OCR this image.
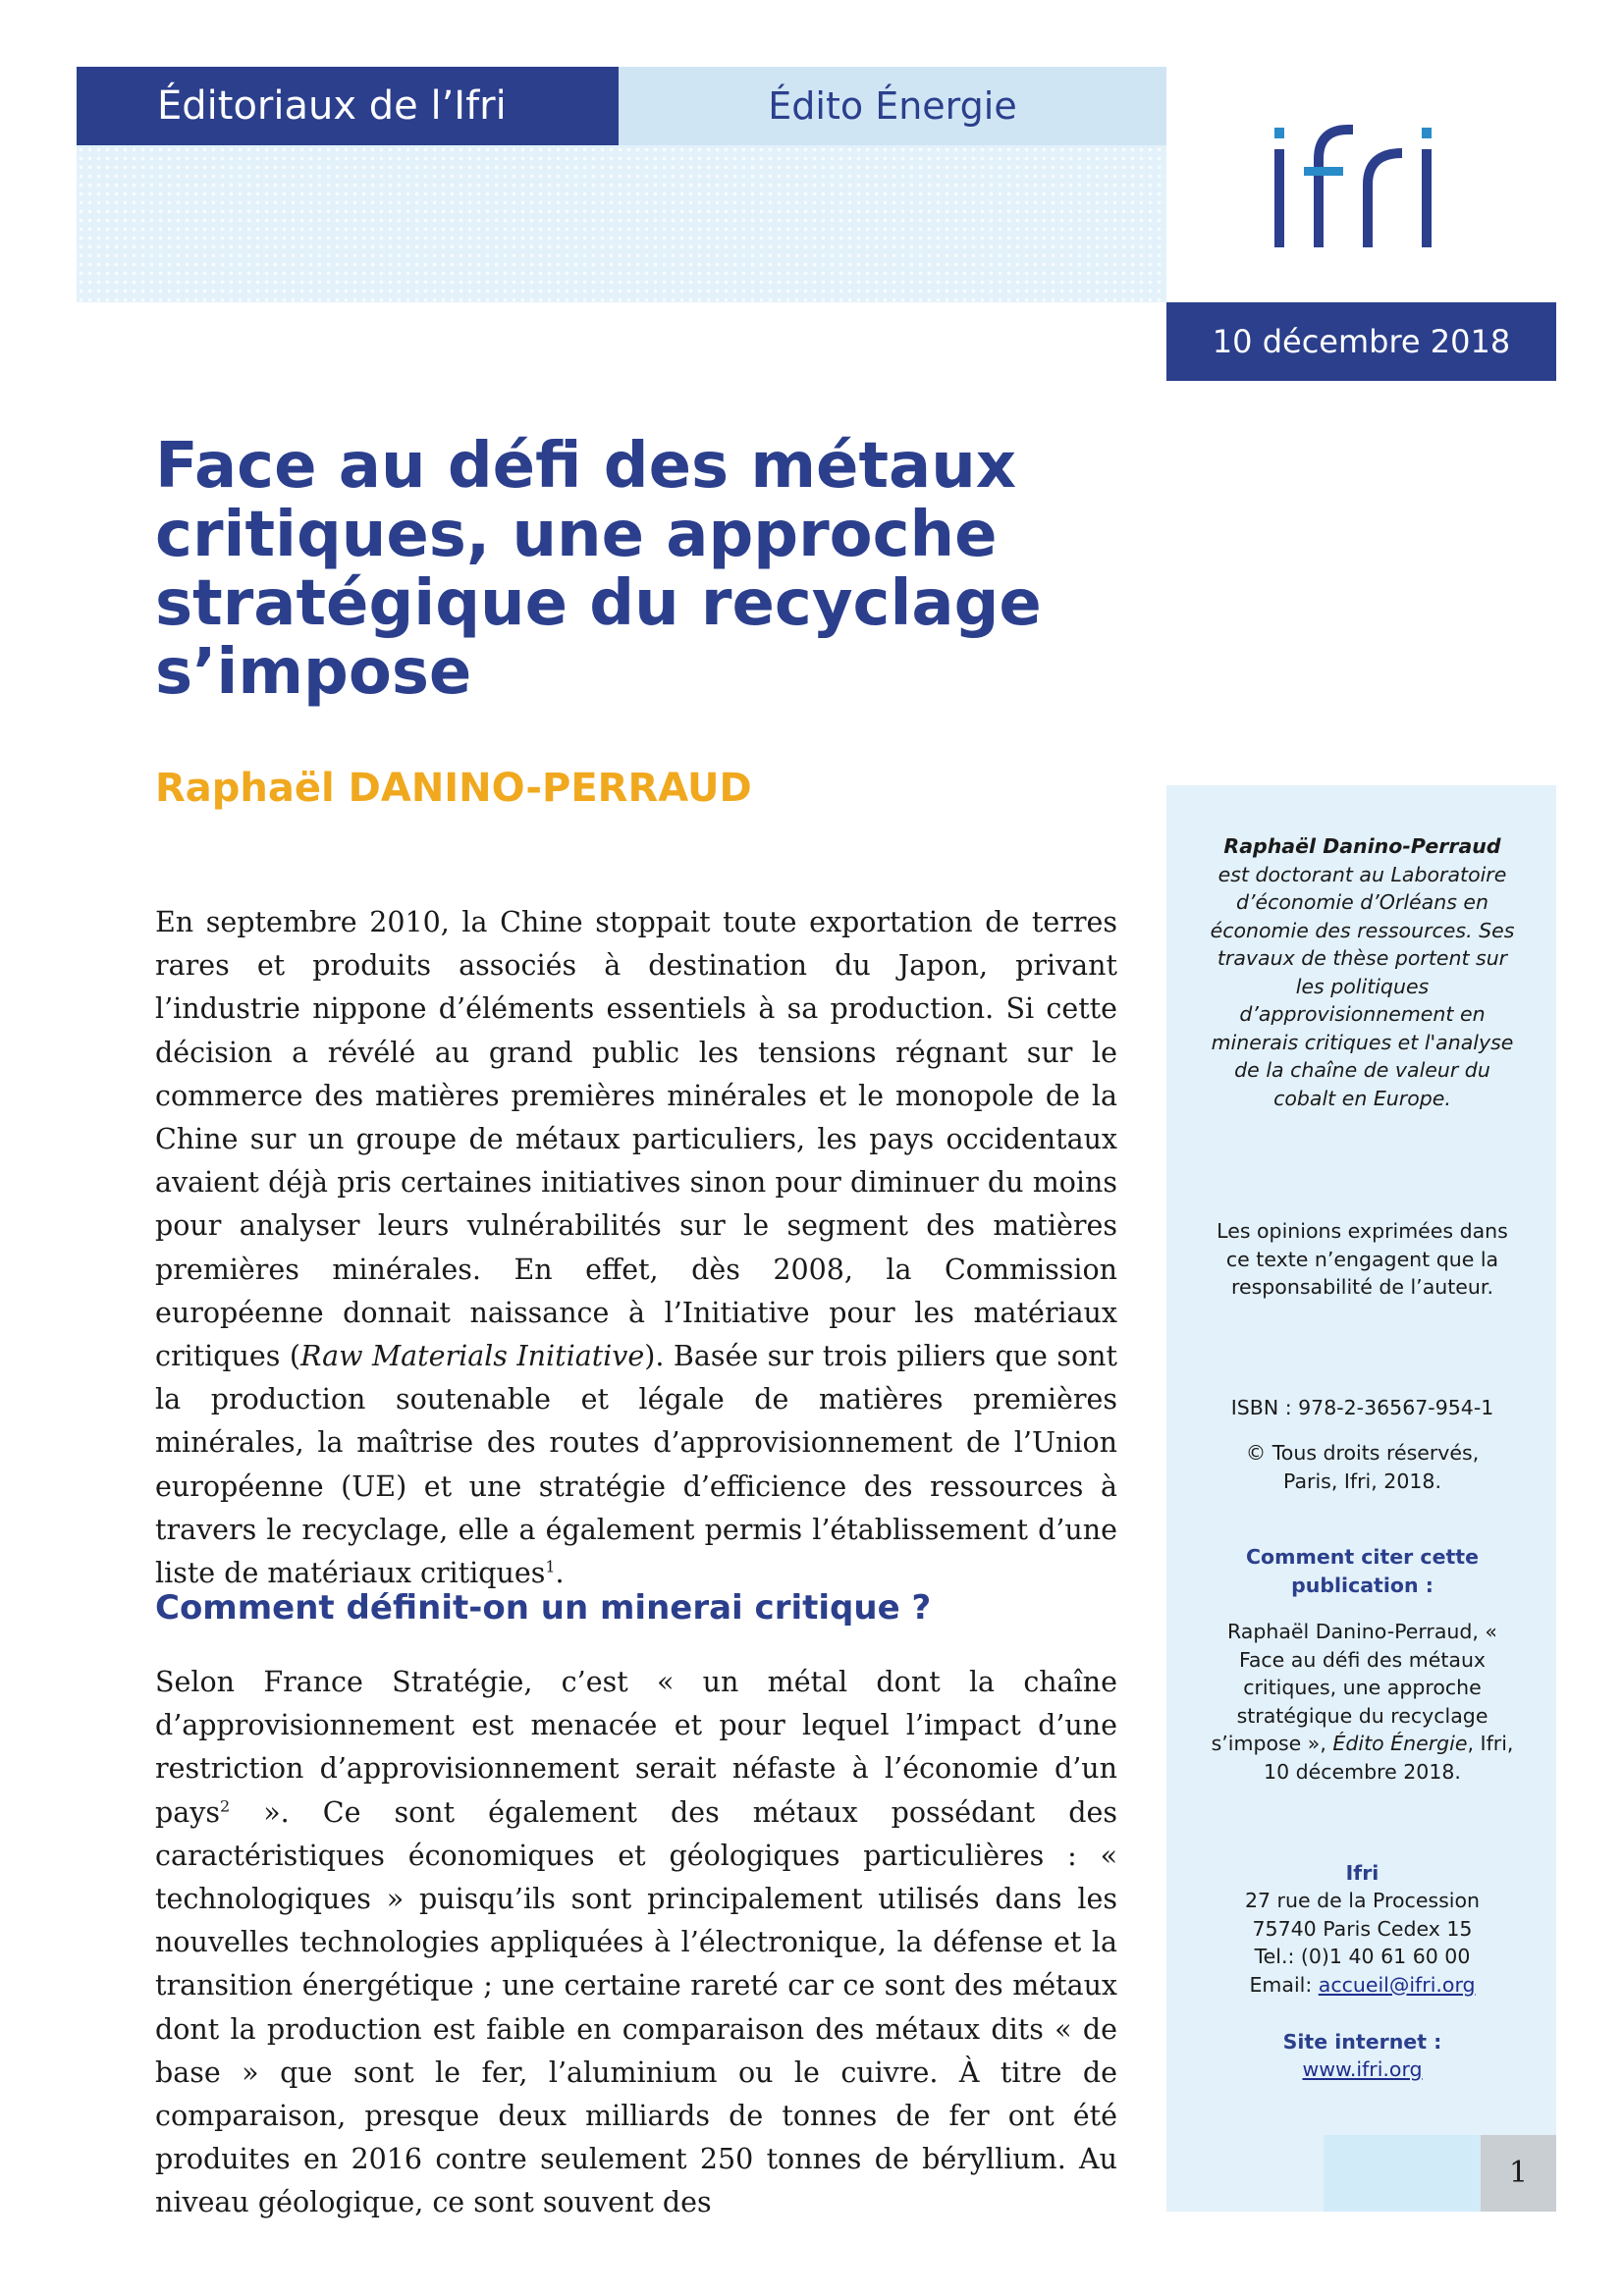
Éditoriaux de l’Ifri	Édito Énergie
10 décembre 2018
Face au défi des métaux critiques, une approche stratégique du recyclage s’impose

Raphaël DANINO-PERRAUD

En septembre 2010, la Chine stoppait toute exportation de terres rares et produits associés à destination du Japon, privant l’industrie nippone d’éléments essentiels à sa production. Si cette décision a révélé au grand public les tensions régnant sur le commerce des matières premières minérales et le monopole de la Chine sur un groupe de métaux particuliers, les pays occidentaux avaient déjà pris certaines initiatives sinon pour diminuer du moins pour analyser leurs vulnérabilités sur le segment des matières premières minérales. En effet, dès 2008, la Commission européenne donnait naissance à l’Initiative pour les matériaux critiques (Raw Materials Initiative). Basée sur trois piliers que sont la production soutenable et légale de matières premières minérales, la maîtrise des routes d’approvisionnement de l’Union européenne (UE) et une stratégie d’efficience des ressources à travers le recyclage, elle a également permis l’établissement d’une liste de matériaux critiques$^1$.

Comment définit-on un minerai critique ?

Selon France Stratégie, c’est « un métal dont la chaîne d’approvisionnement est menacée et pour lequel l’impact d’une restriction d’approvisionnement serait néfaste à l’économie d’un pays$^2$ ». Ce sont également des métaux possédant des caractéristiques économiques et géologiques particulières : « technologiques » puisqu’ils sont principalement utilisés dans les nouvelles technologies appliquées à l’électronique, la défense et la transition énergétique ; une certaine rareté car ce sont des métaux dont la production est faible en comparaison des métaux dits « de base » que sont le fer, l’aluminium ou le cuivre. À titre de comparaison, presque deux milliards de tonnes de fer ont été produites en 2016 contre seulement 250 tonnes de béryllium. Au niveau géologique, ce sont souvent des

Raphaël Danino-Perraud est doctorant au Laboratoire d’économie d’Orléans en économie des ressources. Ses travaux de thèse portent sur les politiques d’approvisionnement en minerais critiques et l'analyse de la chaîne de valeur du cobalt en Europe.

Les opinions exprimées dans ce texte n’engagent que la responsabilité de l’auteur.

ISBN : 978-2-36567-954-1

© Tous droits réservés,
Paris, Ifri, 2018.

Comment citer cette publication :

Raphaël Danino-Perraud, « Face au défi des métaux critiques, une approche stratégique du recyclage s’impose », Édito Énergie, Ifri,
10 décembre 2018.

Ifri

27 rue de la Procession
75740 Paris Cedex 15
Tel.: (0)1 40 61 60 00
Email: accueil@ifri.org

Site internet :

www.ifri.org

1
